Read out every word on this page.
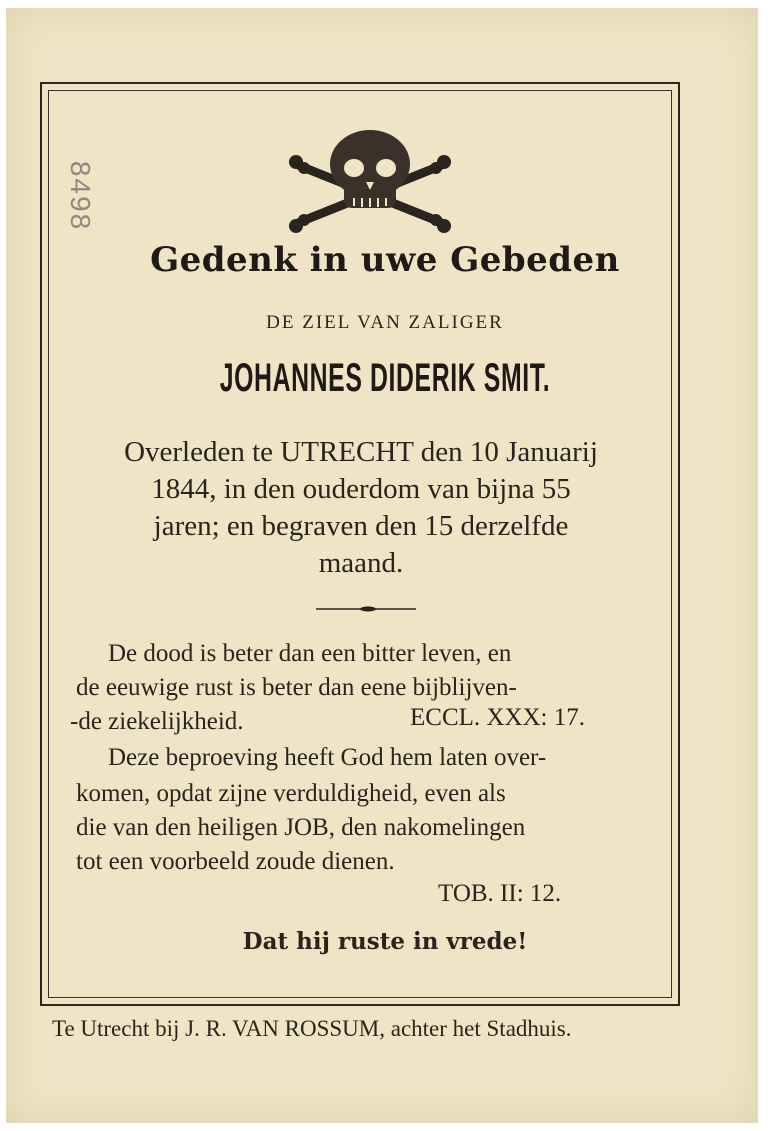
8498
Gedenk in uwe Gebeden
DE ZIEL VAN ZALIGER
JOHANNES DIDERIK SMIT.
Overleden te UTRECHT den 10 Januarij
1844, in den ouderdom van bijna 55
jaren; en begraven den 15 derzelfde
maand.
De dood is beter dan een bitter leven, en
de eeuwige rust is beter dan eene bijblijven-
-de ziekelijkheid.	ECCL. XXX: 17.
Deze beproeving heeft God hem laten over-
komen, opdat zijne verduldigheid, even als
die van den heiligen JOB, den nakomelingen
tot een voorbeeld zoude dienen.
TOB. II: 12.
Dat hij ruste in vrede!
Te Utrecht bij J. R. VAN ROSSUM, achter het Stadhuis.
